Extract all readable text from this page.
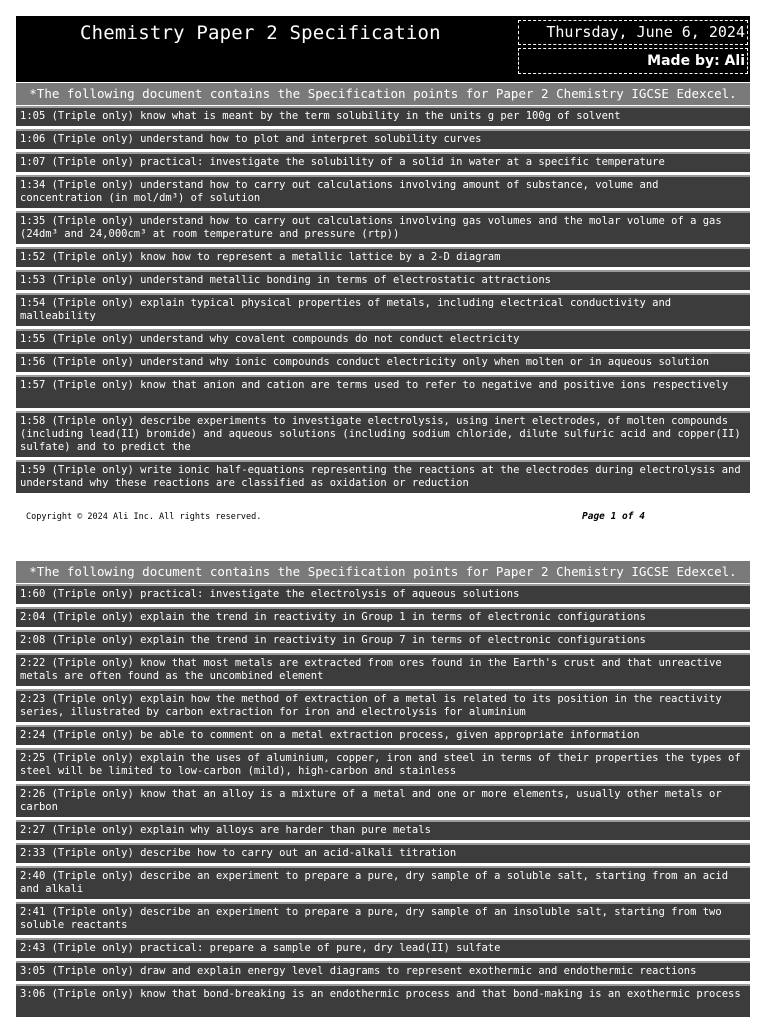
Chemistry Paper 2 Specification	Thursday, June 6, 2024
Made by: Ali
*The following document contains the Specification points for Paper 2 Chemistry IGCSE Edexcel.
1:05 (Triple only) know what is meant by the term solubility in the units g per 100g of solvent
1:06 (Triple only) understand how to plot and interpret solubility curves
1:07 (Triple only) practical: investigate the solubility of a solid in water at a specific temperature
1:34 (Triple only) understand how to carry out calculations involving amount of substance, volume and concentration (in mol/dm³) of solution
1:35 (Triple only) understand how to carry out calculations involving gas volumes and the molar volume of a gas (24dm³ and 24,000cm³ at room temperature and pressure (rtp))
1:52 (Triple only) know how to represent a metallic lattice by a 2-D diagram
1:53 (Triple only) understand metallic bonding in terms of electrostatic attractions
1:54 (Triple only) explain typical physical properties of metals, including electrical conductivity and malleability
1:55 (Triple only) understand why covalent compounds do not conduct electricity
1:56 (Triple only) understand why ionic compounds conduct electricity only when molten or in aqueous solution
1:57 (Triple only) know that anion and cation are terms used to refer to negative and positive ions respectively
1:58 (Triple only) describe experiments to investigate electrolysis, using inert electrodes, of molten compounds (including lead(II) bromide) and aqueous solutions (including sodium chloride, dilute sulfuric acid and copper(II) sulfate) and to predict the
1:59 (Triple only) write ionic half-equations representing the reactions at the electrodes during electrolysis and understand why these reactions are classified as oxidation or reduction
Copyright © 2024 Ali Inc. All rights reserved.	Page 1 of 4
*The following document contains the Specification points for Paper 2 Chemistry IGCSE Edexcel.
1:60 (Triple only) practical: investigate the electrolysis of aqueous solutions
2:04 (Triple only) explain the trend in reactivity in Group 1 in terms of electronic configurations
2:08 (Triple only) explain the trend in reactivity in Group 7 in terms of electronic configurations
2:22 (Triple only) know that most metals are extracted from ores found in the Earth's crust and that unreactive metals are often found as the uncombined element
2:23 (Triple only) explain how the method of extraction of a metal is related to its position in the reactivity series, illustrated by carbon extraction for iron and electrolysis for aluminium
2:24 (Triple only) be able to comment on a metal extraction process, given appropriate information
2:25 (Triple only) explain the uses of aluminium, copper, iron and steel in terms of their properties the types of steel will be limited to low-carbon (mild), high-carbon and stainless
2:26 (Triple only) know that an alloy is a mixture of a metal and one or more elements, usually other metals or carbon
2:27 (Triple only) explain why alloys are harder than pure metals
2:33 (Triple only) describe how to carry out an acid-alkali titration
2:40 (Triple only) describe an experiment to prepare a pure, dry sample of a soluble salt, starting from an acid and alkali
2:41 (Triple only) describe an experiment to prepare a pure, dry sample of an insoluble salt, starting from two soluble reactants
2:43 (Triple only) practical: prepare a sample of pure, dry lead(II) sulfate
3:05 (Triple only) draw and explain energy level diagrams to represent exothermic and endothermic reactions
3:06 (Triple only) know that bond-breaking is an endothermic process and that bond-making is an exothermic process
